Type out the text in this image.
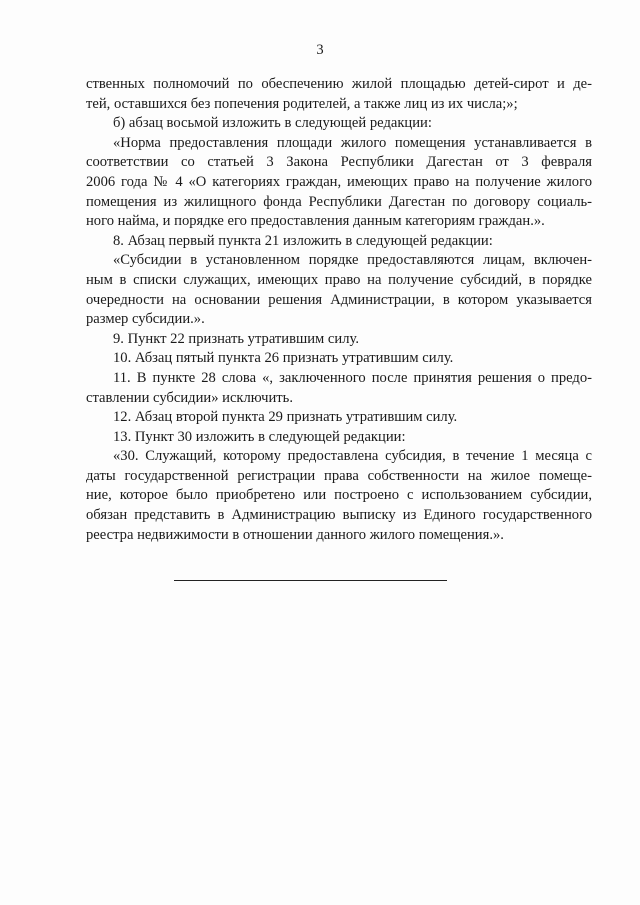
3
ственных полномочий по обеспечению жилой площадью детей-сирот и де-
тей, оставшихся без попечения родителей, а также лиц из их числа;»;
б) абзац восьмой изложить в следующей редакции:
«Норма предоставления площади жилого помещения устанавливается в
соответствии со статьей 3 Закона Республики Дагестан от 3 февраля
2006 года № 4 «О категориях граждан, имеющих право на получение жилого
помещения из жилищного фонда Республики Дагестан по договору социаль-
ного найма, и порядке его предоставления данным категориям граждан.».
8. Абзац первый пункта 21 изложить в следующей редакции:
«Субсидии в установленном порядке предоставляются лицам, включен-
ным в списки служащих, имеющих право на получение субсидий, в порядке
очередности на основании решения Администрации, в котором указывается
размер субсидии.».
9. Пункт 22 признать утратившим силу.
10. Абзац пятый пункта 26 признать утратившим силу.
11. В пункте 28 слова «, заключенного после принятия решения о предо-
ставлении субсидии» исключить.
12. Абзац второй пункта 29 признать утратившим силу.
13. Пункт 30 изложить в следующей редакции:
«30. Служащий, которому предоставлена субсидия, в течение 1 месяца с
даты государственной регистрации права собственности на жилое помеще-
ние, которое было приобретено или построено с использованием субсидии,
обязан представить в Администрацию выписку из Единого государственного
реестра недвижимости в отношении данного жилого помещения.».
